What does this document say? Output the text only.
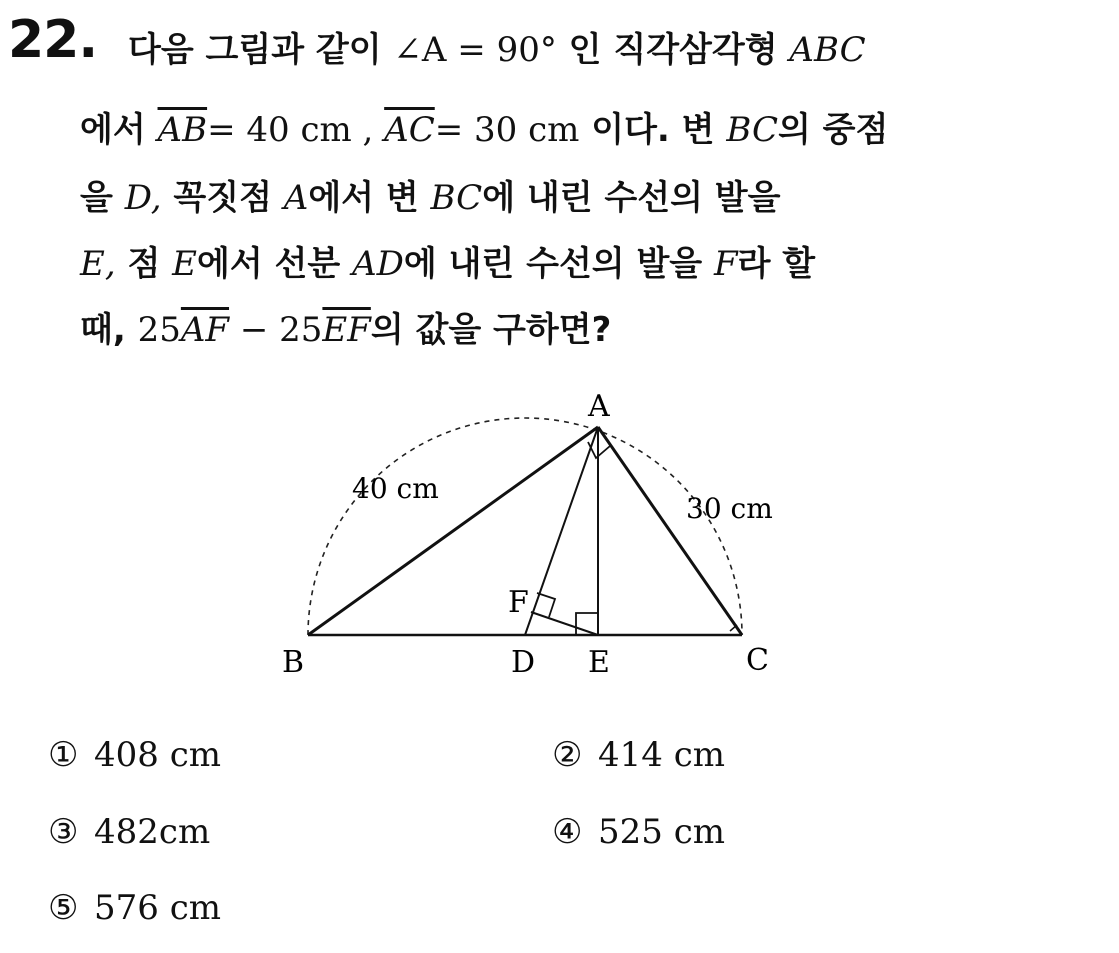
22. 다음 그림과 같이 ∠A = 90° 인 직각삼각형 ABC
에서 $\overline{AB}= 40$ cm , $\overline{AC}= 30$ cm 이다. 변 BC의 중점
을 D, 꼭짓점 A에서 변 BC에 내린 수선의 발을
E, 점 E에서 선분 AD에 내린 수선의 발을 F라 할
때, $25\overline{AF} - 25\overline{EF}$의 값을 구하면?
A
B	C
D E
F
40 cm
30 cm
① 408 cm	② 414 cm
③ 482cm	④ 525 cm
⑤ 576 cm
